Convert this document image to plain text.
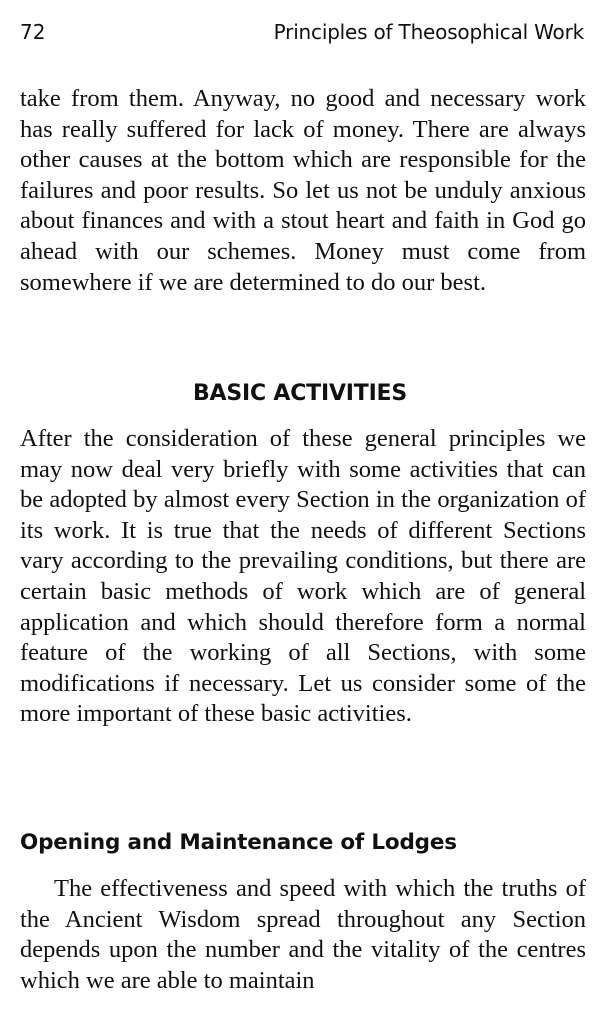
72	Principles of Theosophical Work

take from them. Anyway, no good and necessary work has really suffered for lack of money. There are always other causes at the bottom which are responsible for the failures and poor results. So let us not be unduly anxious about finances and with a stout heart and faith in God go ahead with our schemes. Money must come from somewhere if we are determined to do our best.

BASIC ACTIVITIES

After the consideration of these general principles we may now deal very briefly with some activities that can be adopted by almost every Section in the organization of its work. It is true that the needs of different Sections vary according to the prevailing conditions, but there are certain basic methods of work which are of general application and which should therefore form a normal feature of the working of all Sections, with some modifications if necessary. Let us consider some of the more important of these basic activities.

Opening and Maintenance of Lodges

The effectiveness and speed with which the truths of the Ancient Wisdom spread throughout any Section depends upon the number and the vitality of the centres which we are able to maintain
